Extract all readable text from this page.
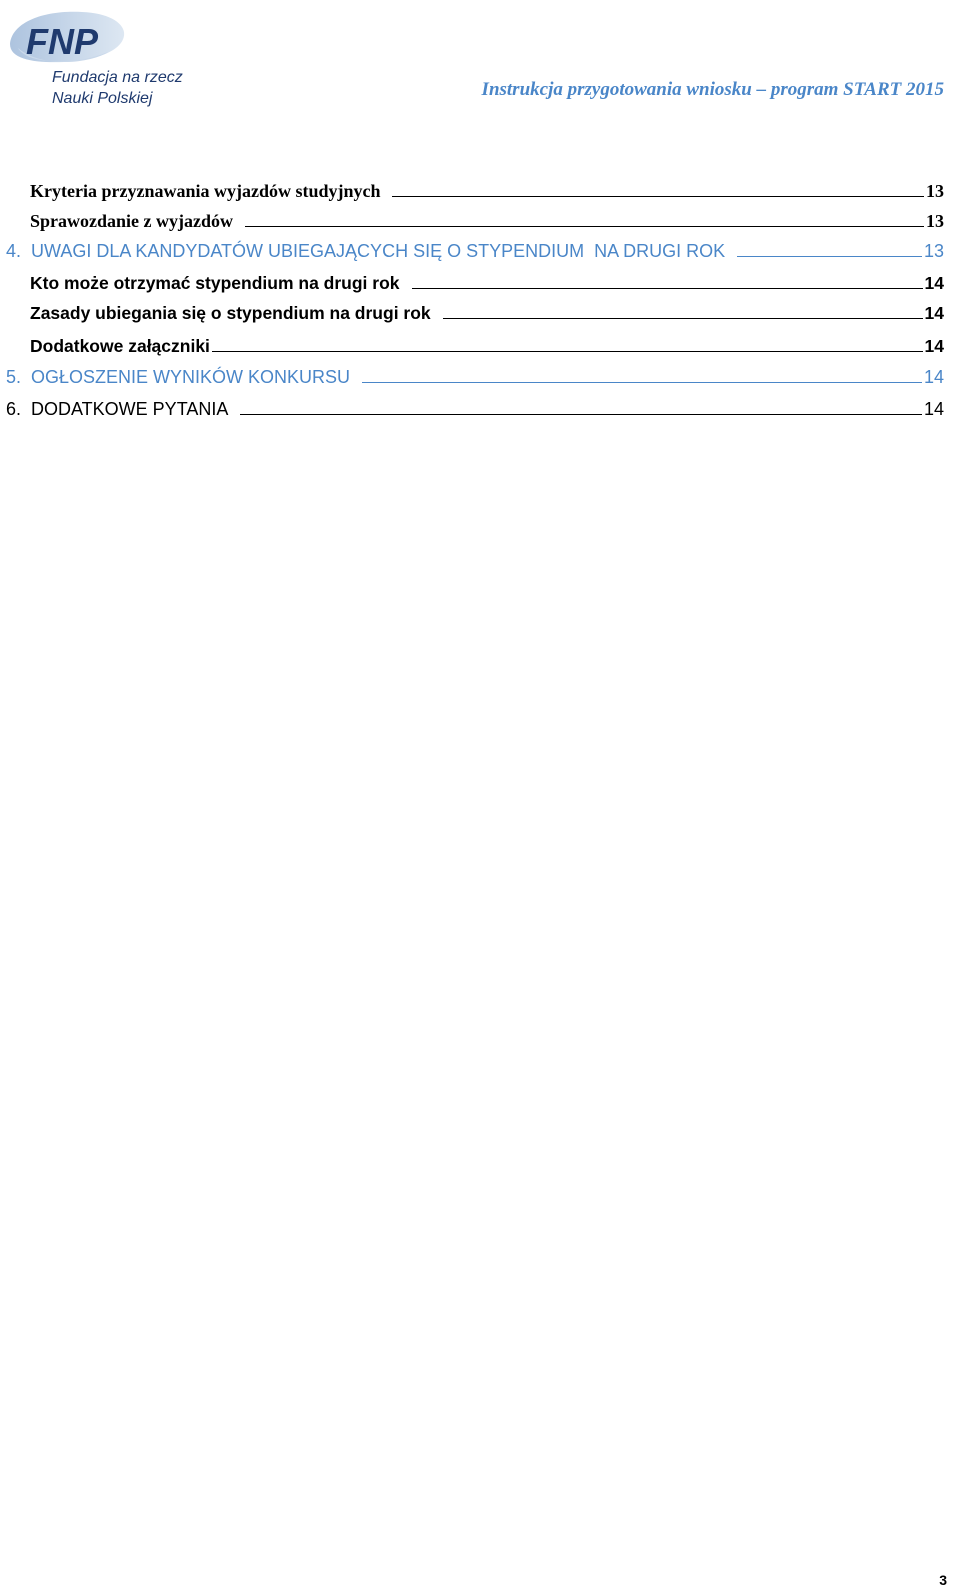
FNP
Fundacja na rzecz
Nauki Polskiej	Instrukcja przygotowania wniosku – program START 2015
Kryteria przyznawania wyjazdów studyjnych	13
Sprawozdanie z wyjazdów	13
4.  UWAGI DLA KANDYDATÓW UBIEGAJĄCYCH SIĘ O STYPENDIUM  NA DRUGI ROK	13
Kto może otrzymać stypendium na drugi rok	14
Zasady ubiegania się o stypendium na drugi rok	14
Dodatkowe załączniki	14
5.  OGŁOSZENIE WYNIKÓW KONKURSU	14
6.  DODATKOWE PYTANIA	14
3
